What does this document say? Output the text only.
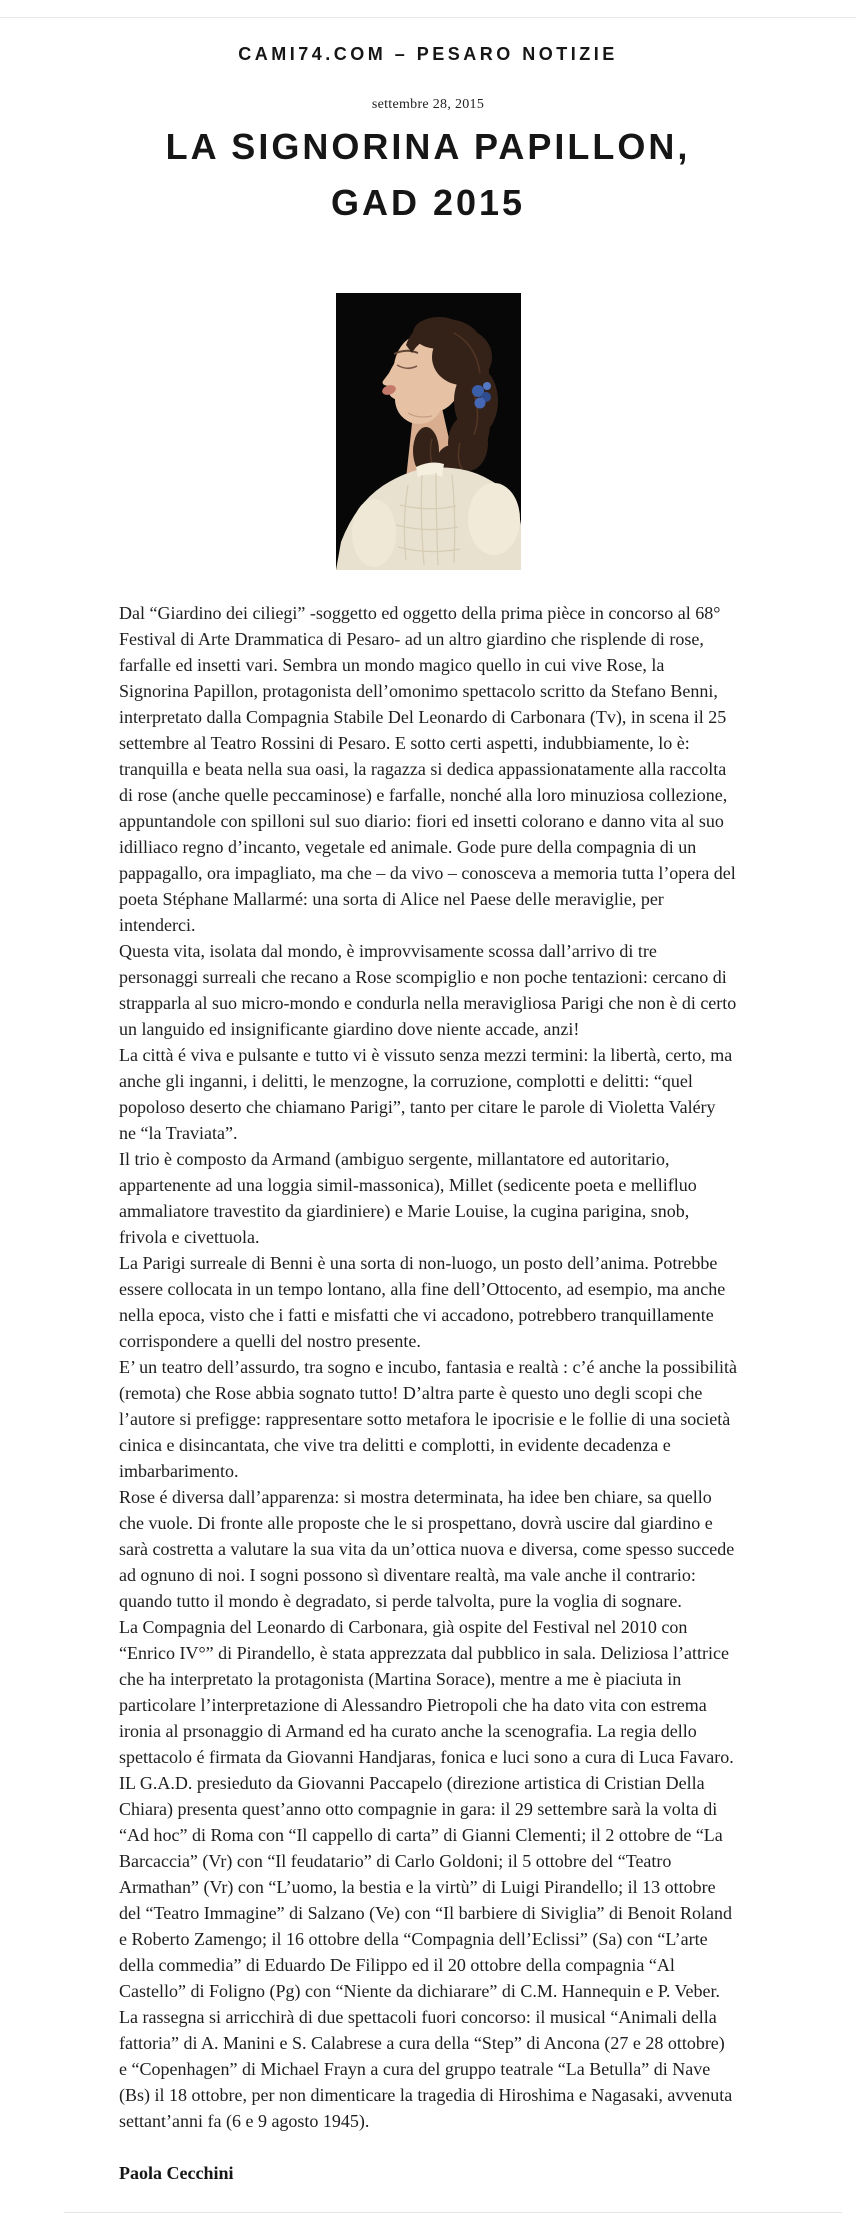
CAMI74.COM – PESARO NOTIZIE
settembre 28, 2015
LA SIGNORINA PAPILLON,
GAD 2015

Dal “Giardino dei ciliegi” -soggetto ed oggetto della prima pièce in concorso al 68° Festival di Arte Drammatica di Pesaro- ad un altro giardino che risplende di rose, farfalle ed insetti vari. Sembra un mondo magico quello in cui vive Rose, la Signorina Papillon, protagonista dell’omonimo spettacolo scritto da Stefano Benni, interpretato dalla Compagnia Stabile Del Leonardo di Carbonara (Tv), in scena il 25 settembre al Teatro Rossini di Pesaro. E sotto certi aspetti, indubbiamente, lo è: tranquilla e beata nella sua oasi, la ragazza si dedica appassionatamente alla raccolta di rose (anche quelle peccaminose) e farfalle, nonché alla loro minuziosa collezione, appuntandole con spilloni sul suo diario: fiori ed insetti colorano e danno vita al suo idilliaco regno d’incanto, vegetale ed animale. Gode pure della compagnia di un pappagallo, ora impagliato, ma che – da vivo – conosceva a memoria tutta l’opera del poeta Stéphane Mallarmé: una sorta di Alice nel Paese delle meraviglie, per intenderci.

Questa vita, isolata dal mondo, è improvvisamente scossa dall’arrivo di tre personaggi surreali che recano a Rose scompiglio e non poche tentazioni: cercano di strapparla al suo micro-mondo e condurla nella meravigliosa Parigi che non è di certo un languido ed insignificante giardino dove niente accade, anzi!

La città é viva e pulsante e tutto vi è vissuto senza mezzi termini: la libertà, certo, ma anche gli inganni, i delitti, le menzogne, la corruzione, complotti e delitti: “quel popoloso deserto che chiamano Parigi”, tanto per citare le parole di Violetta Valéry ne “la Traviata”.

Il trio è composto da Armand (ambiguo sergente, millantatore ed autoritario, appartenente ad una loggia simil-massonica), Millet (sedicente poeta e mellifluo ammaliatore travestito da giardiniere) e Marie Louise, la cugina parigina, snob, frivola e civettuola.

La Parigi surreale di Benni è una sorta di non-luogo, un posto dell’anima. Potrebbe essere collocata in un tempo lontano, alla fine dell’Ottocento, ad esempio, ma anche nella epoca, visto che i fatti e misfatti che vi accadono, potrebbero tranquillamente corrispondere a quelli del nostro presente.

E’ un teatro dell’assurdo, tra sogno e incubo, fantasia e realtà : c’é anche la possibilità (remota) che Rose abbia sognato tutto! D’altra parte è questo uno degli scopi che l’autore si prefigge: rappresentare sotto metafora le ipocrisie e le follie di una società cinica e disincantata, che vive tra delitti e complotti, in evidente decadenza e imbarbarimento.

Rose é diversa dall’apparenza: si mostra determinata, ha idee ben chiare, sa quello che vuole. Di fronte alle proposte che le si prospettano, dovrà uscire dal giardino e sarà costretta a valutare la sua vita da un’ottica nuova e diversa, come spesso succede ad ognuno di noi. I sogni possono sì diventare realtà, ma vale anche il contrario: quando tutto il mondo è degradato, si perde talvolta, pure la voglia di sognare.

La Compagnia del Leonardo di Carbonara, già ospite del Festival nel 2010 con “Enrico IV°” di Pirandello, è stata apprezzata dal pubblico in sala. Deliziosa l’attrice che ha interpretato la protagonista (Martina Sorace), mentre a me è piaciuta in particolare l’interpretazione di Alessandro Pietropoli che ha dato vita con estrema ironia al prsonaggio di Armand ed ha curato anche la scenografia. La regia dello spettacolo é firmata da Giovanni Handjaras, fonica e luci sono a cura di Luca Favaro.

IL G.A.D. presieduto da Giovanni Paccapelo (direzione artistica di Cristian Della Chiara) presenta quest’anno otto compagnie in gara: il 29 settembre sarà la volta di “Ad hoc” di Roma con “Il cappello di carta” di Gianni Clementi; il 2 ottobre de “La Barcaccia” (Vr) con “Il feudatario” di Carlo Goldoni; il 5 ottobre del “Teatro Armathan” (Vr) con “L’uomo, la bestia e la virtù” di Luigi Pirandello; il 13 ottobre del “Teatro Immagine” di Salzano (Ve) con “Il barbiere di Siviglia” di Benoit Roland e Roberto Zamengo; il 16 ottobre della “Compagnia dell’Eclissi” (Sa) con “L’arte della commedia” di Eduardo De Filippo ed il 20 ottobre della compagnia “Al Castello” di Foligno (Pg) con “Niente da dichiarare” di C.M. Hannequin e P. Veber.

La rassegna si arricchirà di due spettacoli fuori concorso: il musical “Animali della fattoria” di A. Manini e S. Calabrese a cura della “Step” di Ancona (27 e 28 ottobre) e “Copenhagen” di Michael Frayn a cura del gruppo teatrale “La Betulla” di Nave (Bs) il 18 ottobre, per non dimenticare la tragedia di Hiroshima e Nagasaki, avvenuta settant’anni fa (6 e 9 agosto 1945).

Paola Cecchini
